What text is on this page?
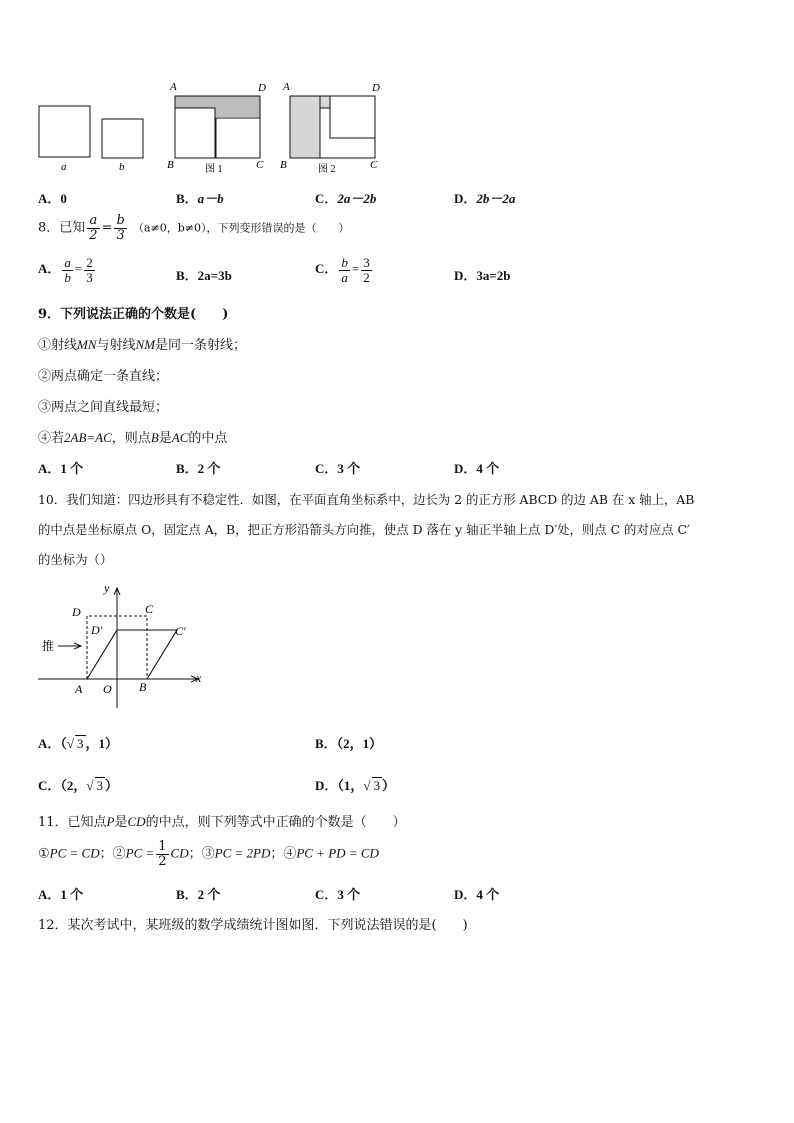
a	b
A	D
B	C
图 1
A	D
B	C
图 2
A．0	B．a－b	C．2a－2b	D．2b－2a
8．已知 $\frac{a}{2} = \frac{b}{3} (a\ne 0$，b≠0），下列变形错误的是（　　）
A． $\frac{a}{b} = \frac{2}{3}$	B．2a=3b	C． $\frac{b}{a} = \frac{3}{2}$	D．3a=2b
9．下列说法正确的个数是(　　)
①射线MN与射线NM是同一条射线；
②两点确定一条直线；
③两点之间直线最短；
④若2AB=AC，则点B是AC的中点
A．1 个	B．2 个	C．3 个	D．4 个
10．我们知道：四边形具有不稳定性．如图，在平面直角坐标系中，边长为 2 的正方形 ABCD 的边 AB 在 x 轴上，AB
的中点是坐标原点 O，固定点 A，B，把正方形沿箭头方向推，使点 D 落在 y 轴正半轴上点 D′处，则点 C 的对应点 C′
的坐标为（）
y
x
D	C
D′	C′
推
A O B
A．（√ 3 ，1）	B．（2，1）
C．（2，√ 3 ）	D．（1，√ 3 ）
11．已知点P是CD的中点，则下列等式中正确的个数是（　　）
①PC = CD；②PC = $\frac{1}{2}$ CD；③PC = 2PD；④PC + PD = CD
A．1 个	B．2 个	C．3 个	D．4 个
12．某次考试中，某班级的数学成绩统计图如图．下列说法错误的是(　　)
